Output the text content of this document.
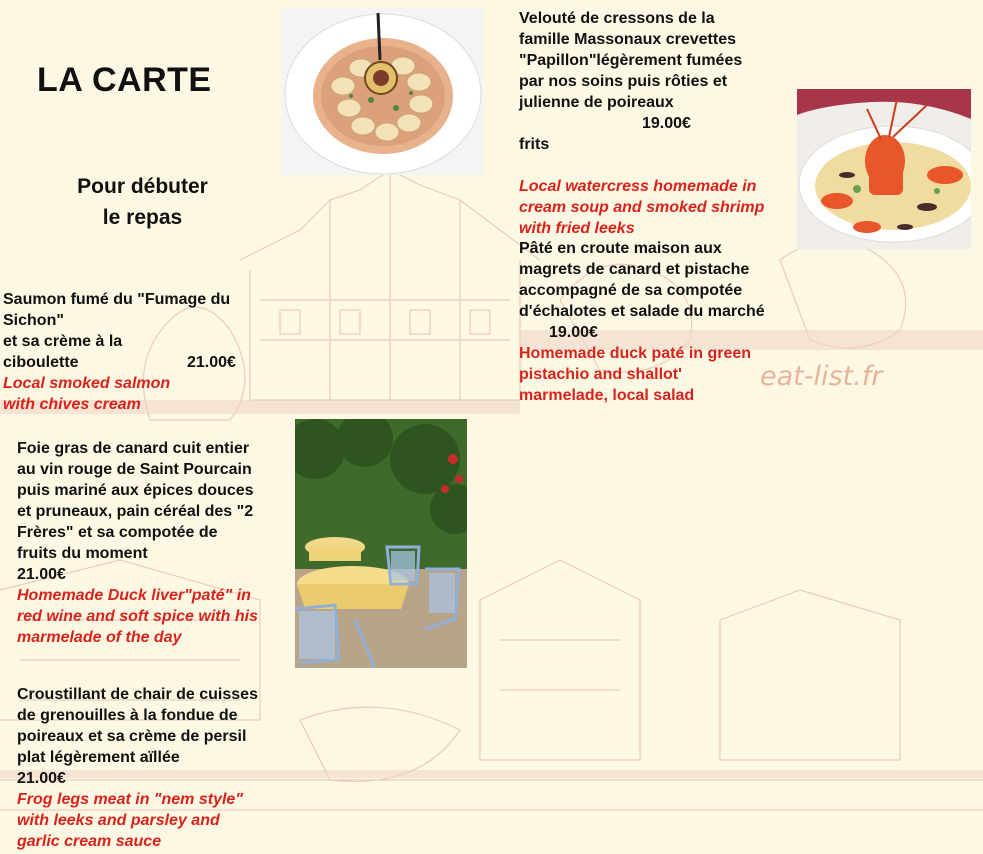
LA CARTE
Pour débuter
le repas
Saumon fumé du "Fumage du
Sichon"
et sa crème à la
ciboulette	21.00€
Local smoked salmon
with chives cream
Foie gras de canard cuit entier
au vin rouge de Saint Pourcain
puis mariné aux épices douces
et pruneaux, pain céréal des "2
Frères" et sa compotée de
fruits du moment
21.00€
Homemade Duck liver"paté" in
red wine and soft spice with his
marmelade of the day
Croustillant de chair de cuisses
de grenouilles à la fondue de
poireaux et sa crème de persil
plat légèrement aïllée
21.00€
Frog legs meat in "nem style"
with leeks and parsley and
garlic cream sauce
Velouté de cressons de la
famille Massonaux crevettes
"Papillon"légèrement fumées
par nos soins puis rôties et
julienne de poireaux

frits

19.00€

Local watercress homemade in
cream soup and smoked shrimp
with fried leeks
Pâté en croute maison aux
magrets de canard et pistache
accompagné de sa compotée
d'échalotes et salade du marché
19.00€
Homemade duck paté in green
pistachio and shallot'
marmelade, local salad
eat-list.fr
